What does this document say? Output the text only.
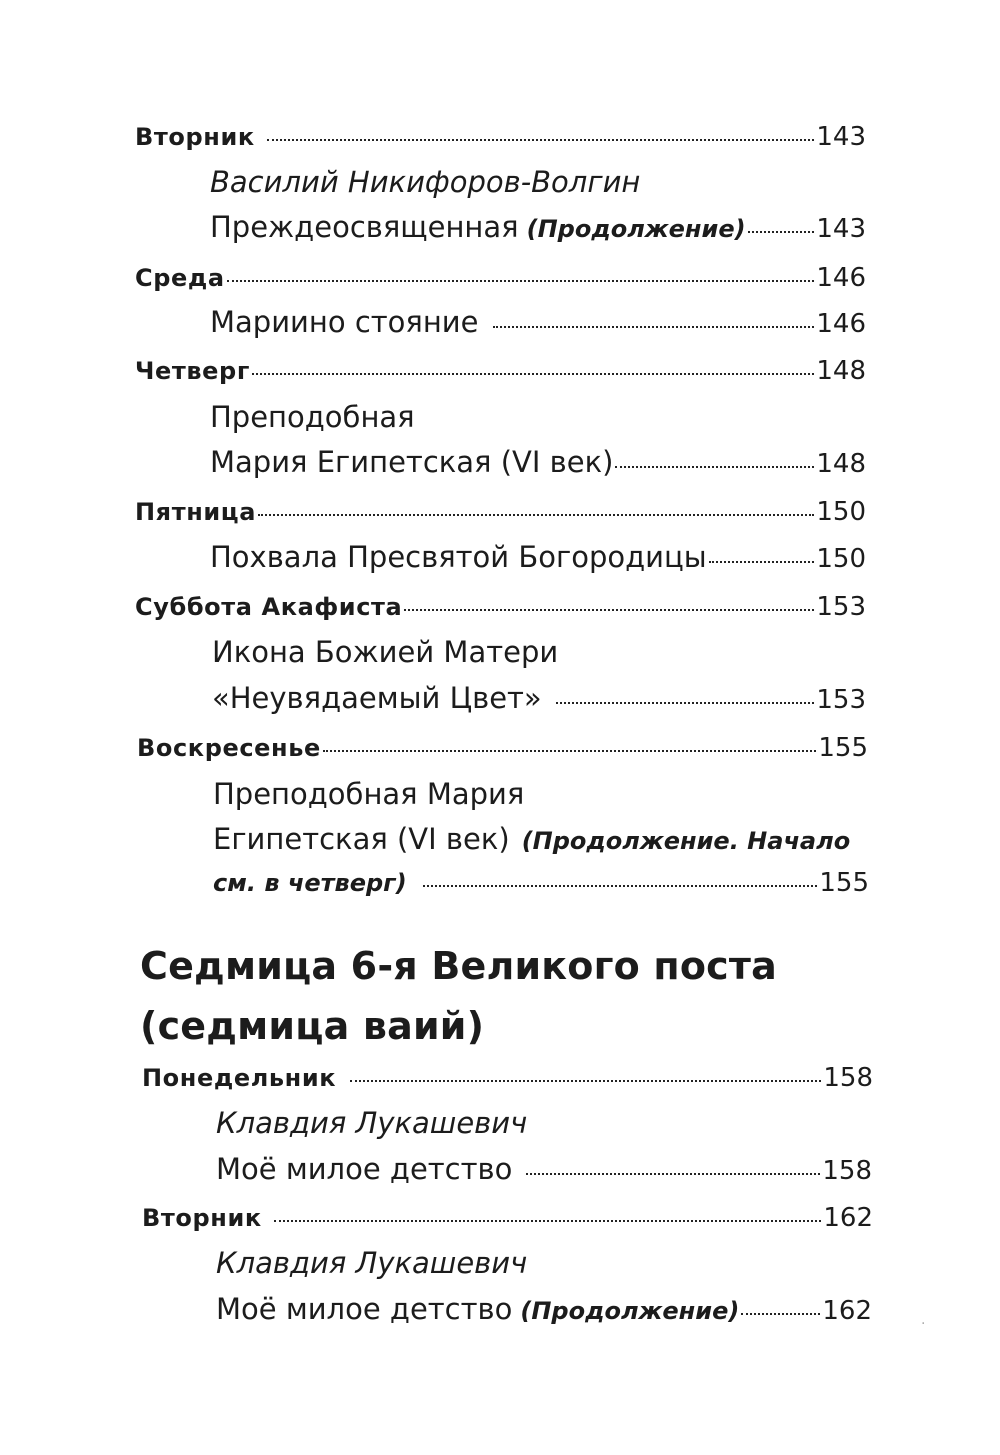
Вторник	143
Василий Никифоров-Волгин
Преждеосвященная (Продолжение)	143
Среда	146
Мариино стояние	146
Четверг	148
Преподобная
Мария Египетская (VI век)	148
Пятница	150
Похвала Пресвятой Богородицы	150
Суббота Акафиста	153
Икона Божией Матери
«Неувядаемый Цвет»	153
Воскресенье	155
Преподобная Мария
Египетская (VI век) (Продолжение. Начало
см. в четверг)	155
Седмица 6-я Великого поста
(седмица ваий)
Понедельник	158
Клавдия Лукашевич
Моё милое детство	158
Вторник	162
Клавдия Лукашевич
Моё милое детство (Продолжение)	162	·
